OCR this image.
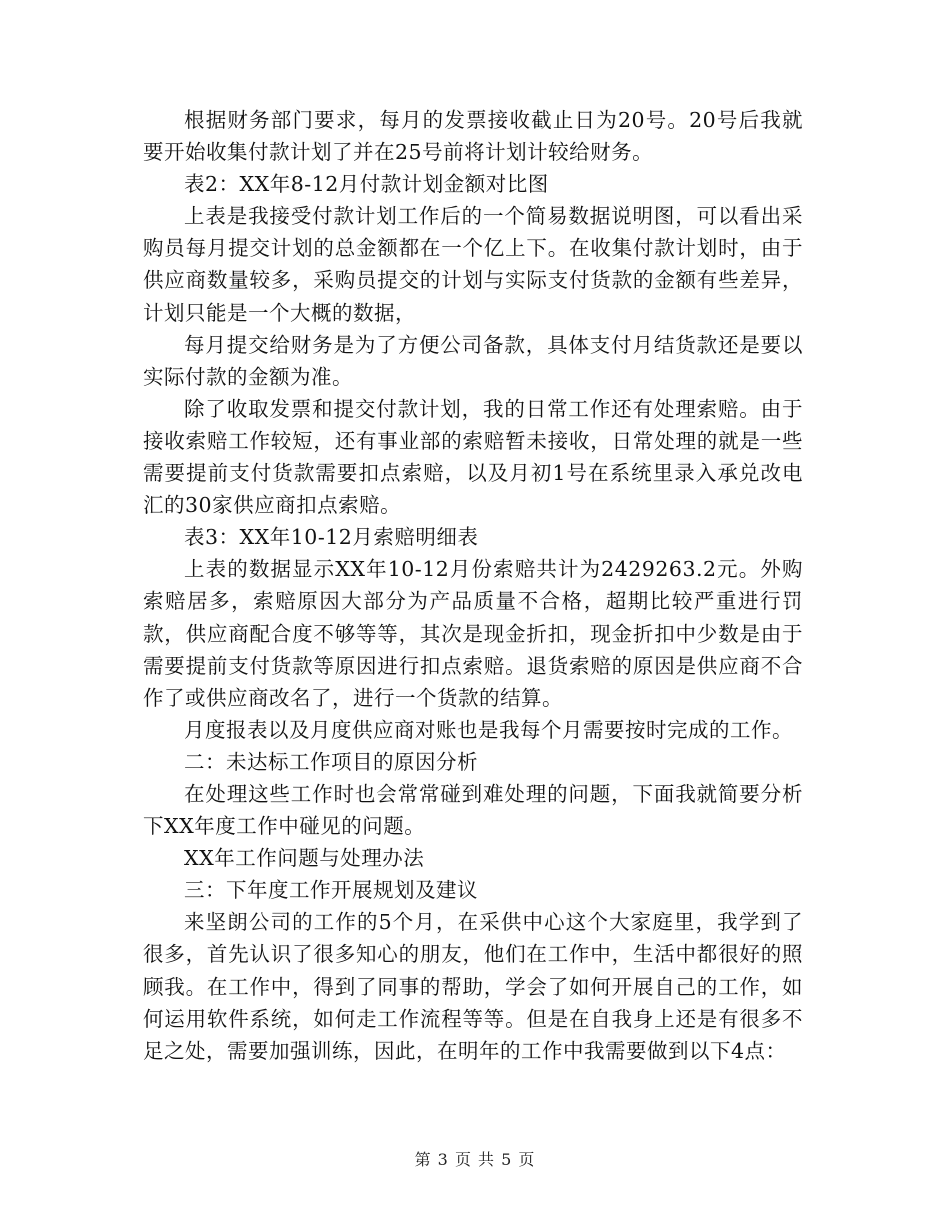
根据财务部门要求，每月的发票接收截止日为20号。20号后我就要开始收集付款计划了并在25号前将计划计较给财务。

表2：XX年8-12月付款计划金额对比图

上表是我接受付款计划工作后的一个简易数据说明图，可以看出采购员每月提交计划的总金额都在一个亿上下。在收集付款计划时，由于供应商数量较多，采购员提交的计划与实际支付货款的金额有些差异，计划只能是一个大概的数据，

每月提交给财务是为了方便公司备款，具体支付月结货款还是要以实际付款的金额为准。

除了收取发票和提交付款计划，我的日常工作还有处理索赔。由于接收索赔工作较短，还有事业部的索赔暂未接收，日常处理的就是一些需要提前支付货款需要扣点索赔，以及月初1号在系统里录入承兑改电汇的30家供应商扣点索赔。

表3：XX年10-12月索赔明细表

上表的数据显示XX年10-12月份索赔共计为2429263.2元。外购索赔居多，索赔原因大部分为产品质量不合格，超期比较严重进行罚款，供应商配合度不够等等，其次是现金折扣，现金折扣中少数是由于需要提前支付货款等原因进行扣点索赔。退货索赔的原因是供应商不合作了或供应商改名了，进行一个货款的结算。

月度报表以及月度供应商对账也是我每个月需要按时完成的工作。

二：未达标工作项目的原因分析

在处理这些工作时也会常常碰到难处理的问题，下面我就简要分析下XX年度工作中碰见的问题。

XX年工作问题与处理办法

三：下年度工作开展规划及建议

来坚朗公司的工作的5个月，在采供中心这个大家庭里，我学到了很多，首先认识了很多知心的朋友，他们在工作中，生活中都很好的照顾我。在工作中，得到了同事的帮助，学会了如何开展自己的工作，如何运用软件系统，如何走工作流程等等。但是在自我身上还是有很多不足之处，需要加强训练，因此，在明年的工作中我需要做到以下4点：

第 3 页 共 5 页
